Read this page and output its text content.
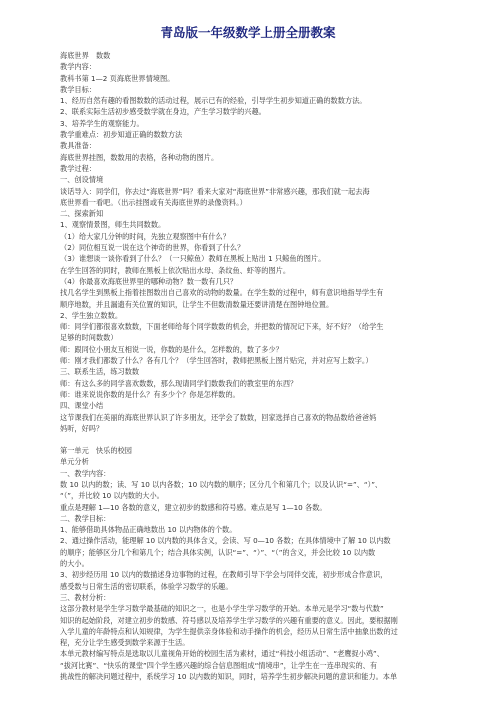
青岛版一年级数学上册全册教案
海底世界　数数
教学内容：
教科书第 1—2 页海底世界情境图。
教学目标：
1、经历自然有趣的看图数数的活动过程，展示已有的经验，引导学生初步知道正确的数数方法。
2、联系实际生活初步感受数学就在身边，产生学习数学的兴趣。
3、培养学生的观察能力。
教学重难点：初步知道正确的数数方法
教具准备：
海底世界挂图，数数用的表格，各种动物的图片。
教学过程：
一、创设情境
谈话导入：同学们，你去过“海底世界”吗？看来大家对“海底世界”非常感兴趣，那我们就一起去海
底世界看一看吧。（出示挂图或有关海底世界的录像资料。）
二、探索新知
1、观察情景图，师生共同数数。
（1）给大家几分钟的时间，先独立观察图中有什么？
（2）同位相互说一说在这个神奇的世界，你看到了什么？
（3）谁想谈一谈你看到了什么？（一只鲸鱼）教师在黑板上贴出 1 只鲸鱼的图片。
在学生回答的同时，教师在黑板上依次贴出水母、条纹鱼、虾等的图片。
（4）你最喜欢海底世界里的哪种动物？数一数有几只？
找几名学生到黑板上指着挂图数出自己喜欢的动物的数量。在学生数的过程中，师有意识地指导学生有
顺序地数，并且漏遗有关位置的知识，让学生不但数清数量还要讲清楚在图钟地位置。
2、学生独立数数。
师：同学们都很喜欢数数，下面老师给每个同学数数的机会，并把数的情况记下来，好不好？（给学生
足够的时间数数）
师：跟同位小朋友互相说一说，你数的是什么，怎样数的，数了多少？
师：刚才我们都数了什么？各有几个？（学生回答时，教师把黑板上图片贴完，并对应写上数字。）
三、联系生活，练习数数
师：有这么多的同学喜欢数数，那么现请同学们数数我们的教室里的东西？
师：谁来说说你数的是什么？有多少个？你是怎样数的。
四、课堂小结
这节课我们在美丽的海底世界认识了许多朋友，还学会了数数，回家选择自己喜欢的物品数给爸爸妈
妈听，好吗？
第一单元　快乐的校园
单元分析
一、教学内容：
数 10 以内的数；读、写 10 以内各数；10 以内数的顺序；区分几个和第几个；以及认识“=”、“）”、
“（”，并比较 10 以内数的大小。
重点是理解 1—10 各数的意义，建立初步的数感和符号感。难点是写 1—10 各数。
二、教学目标：
1、能够借助具体物品正确地数出 10 以内物体的个数。
2、通过操作活动，能理解 10 以内数的具体含义，会读、写 0—10 各数；在具体情境中了解 10 以内数
的顺序；能够区分几个和第几个；结合具体实例，认识“=”、“）”、“（”的含义，并会比较 10 以内数
的大小。
3、初步经历用 10 以内的数描述身边事物的过程，在教师引导下学会与同伴交流，初步形成合作意识，
感受数与日常生活的密切联系，体验学习数学的乐趣。
三、教材分析：
这部分教材是学生学习数学最基础的知识之一，也是小学生学习数学的开始。本单元是学习“数与代数”
知识的起始阶段，对建立初步的数感、符号感以及培养学生学习数学的兴趣有重要的意义。因此，要根据刚
入学儿童的年龄特点和认知规律，为学生提供亲身体验和动手操作的机会，经历从日常生活中抽象出数的过
程，充分让学生感受到数学来源于生活。
本单元教材编写特点是选取以儿童视角开始的校园生活为素材，通过“科技小组活动”、“老鹰捉小鸡”、
“拔河比赛”、“快乐的课堂”四个学生感兴趣的综合信息图组成“情境串”，让学生在一连串现实的、有
挑战性的解决问题过程中，系统学习 10 以内数的知识，同时，培养学生初步解决问题的意识和能力。本单
